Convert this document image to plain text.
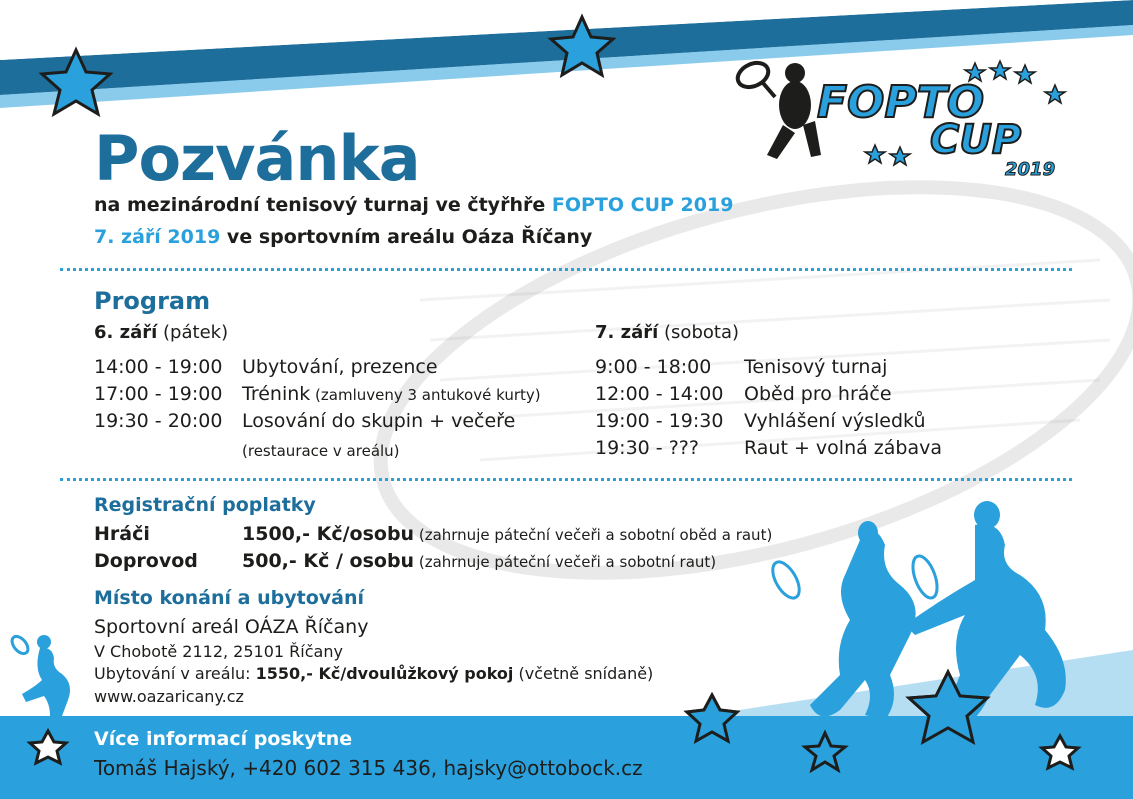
FOPTO
CUP
2019
Pozvánka
na mezinárodní tenisový turnaj ve čtyřhře FOPTO CUP 2019
7. září 2019 ve sportovním areálu Oáza Říčany
Program
6. září (pátek)
14:00 - 19:00 Ubytování, prezence
17:00 - 19:00 Trénink (zamluveny 3 antukové kurty)
19:30 - 20:00 Losování do skupin + večeře
(restaurace v areálu)
7. září (sobota)
9:00 - 18:00 Tenisový turnaj
12:00 - 14:00 Oběd pro hráče
19:00 - 19:30 Vyhlášení výsledků
19:30 - ??? Raut + volná zábava
Registrační poplatky
Hráči	1500,- Kč/osobu (zahrnuje páteční večeři a sobotní oběd a raut)
Doprovod 500,- Kč / osobu (zahrnuje páteční večeři a sobotní raut)
Místo konání a ubytování
Sportovní areál OÁZA Říčany
V Chobotě 2112, 25101 Říčany
Ubytování v areálu: 1550,- Kč/dvoulůžkový pokoj (včetně snídaně)
www.oazaricany.cz
Více informací poskytne
Tomáš Hajský, +420 602 315 436, hajsky@ottobock.cz
